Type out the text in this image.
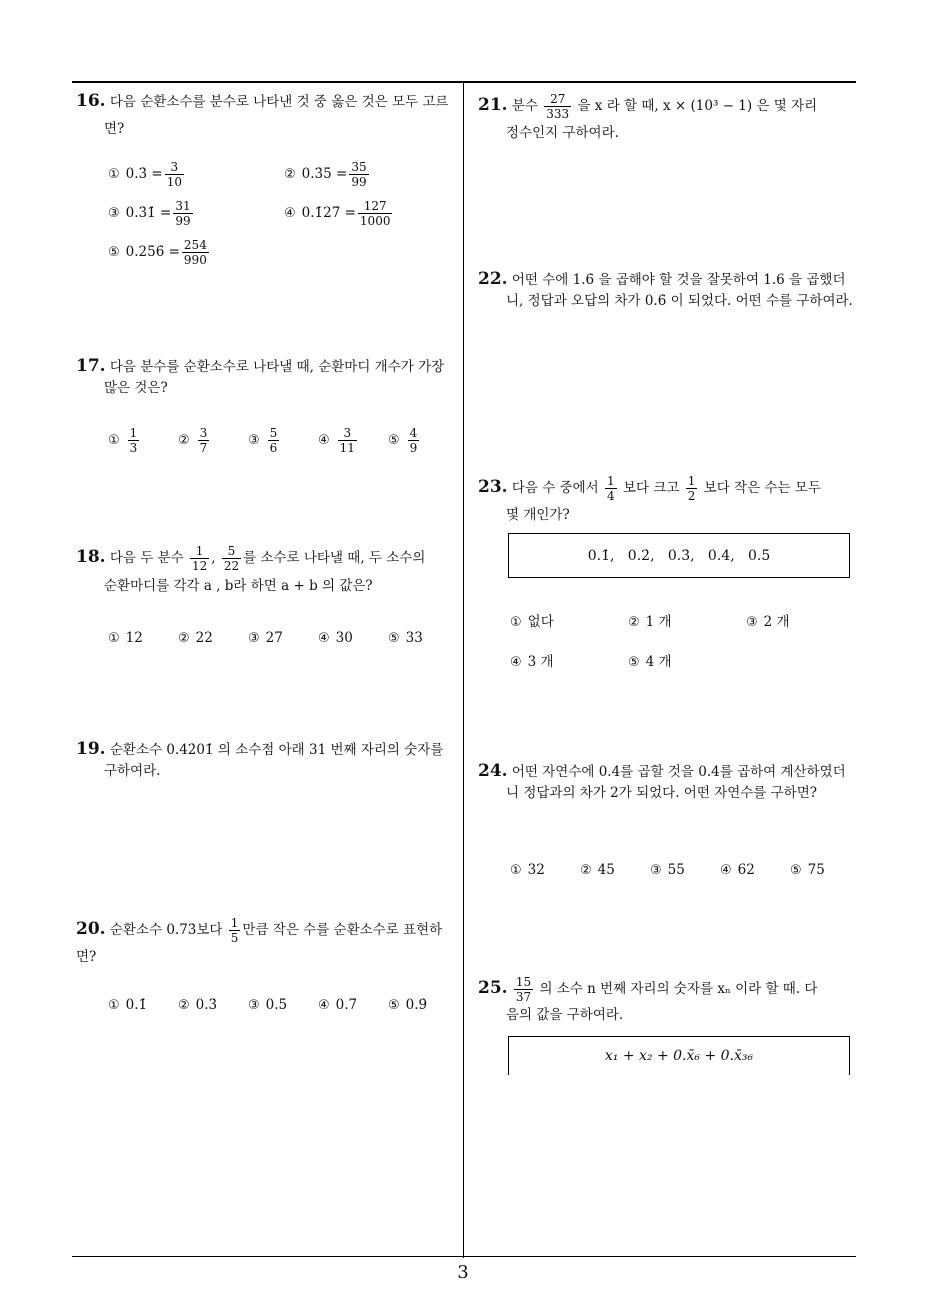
16. 다음 순환소수를 분수로 나타낸 것 중 옳은 것은 모두 고르면?
① 0.3̇ = $\frac{3}{10}$	② 0.3̇5̇ = $\frac{35}{99}$
③ 0.3̇1̇ = $\frac{31}{99}$	④ 0.1̇27̇ = $\frac{127}{1000}$
⑤ 0.25̇6̇ = $\frac{254}{990}$
17. 다음 분수를 순환소수로 나타낼 때, 순환마디 개수가 가장 많은 것은?
① $\frac{1}{3}$	② $\frac{3}{7}$	③ $\frac{5}{6}$	④ $\frac{3}{11}$ ⑤ $\frac{4}{9}$
18. 다음 두 분수 $\frac{1}{12}$ , $\frac{5}{22}$ 를 소수로 나타낼 때, 두 소수의
순환마디를 각각 a , b라 하면 a + b 의 값은?
① 12	② 22	③ 27	④ 30	⑤ 33
19. 순환소수 0.42̇01̇ 의 소수점 아래 31 번째 자리의 숫자를 구하여라.
20. 순환소수 0.73̇보다 $\frac{1}{5}$ 만큼 작은 수를 순환소수로 표현하면?
① 0.1̇ ② 0.3̇ ③ 0.5̇ ④ 0.7̇ ⑤ 0.9̇
21. 분수 $\frac{27}{333}$ 을 x 라 할 때, x × (10³ − 1) 은 몇 자리
정수인지 구하여라.
22. 어떤 수에 1.6̇ 을 곱해야 할 것을 잘못하여 1.6 을 곱했더니, 정답과 오답의 차가 0.6̇ 이 되었다. 어떤 수를 구하여라.
23. 다음 수 중에서 $\frac{1}{4}$ 보다 크고 $\frac{1}{2}$ 보다 작은 수는 모두
몇 개인가?
0.1̇,   0.2̇,   0.3̇,   0.4̇,   0.5̇
① 없다	② 1 개	③ 2 개
④ 3 개	⑤ 4 개
24. 어떤 자연수에 0.4̇를 곱할 것을 0.4를 곱하여 계산하였더니 정답과의 차가 2가 되었다. 어떤 자연수를 구하면?
① 32	② 45	③ 55	④ 62	⑤ 75
25. $\frac{15}{37}$ 의 소수 n 번째 자리의 숫자를 xₙ 이라 할 때. 다
음의 값을 구하여라.
x₁ + x₂ + 0.x̄₆ + 0.x̄₃₆
3
